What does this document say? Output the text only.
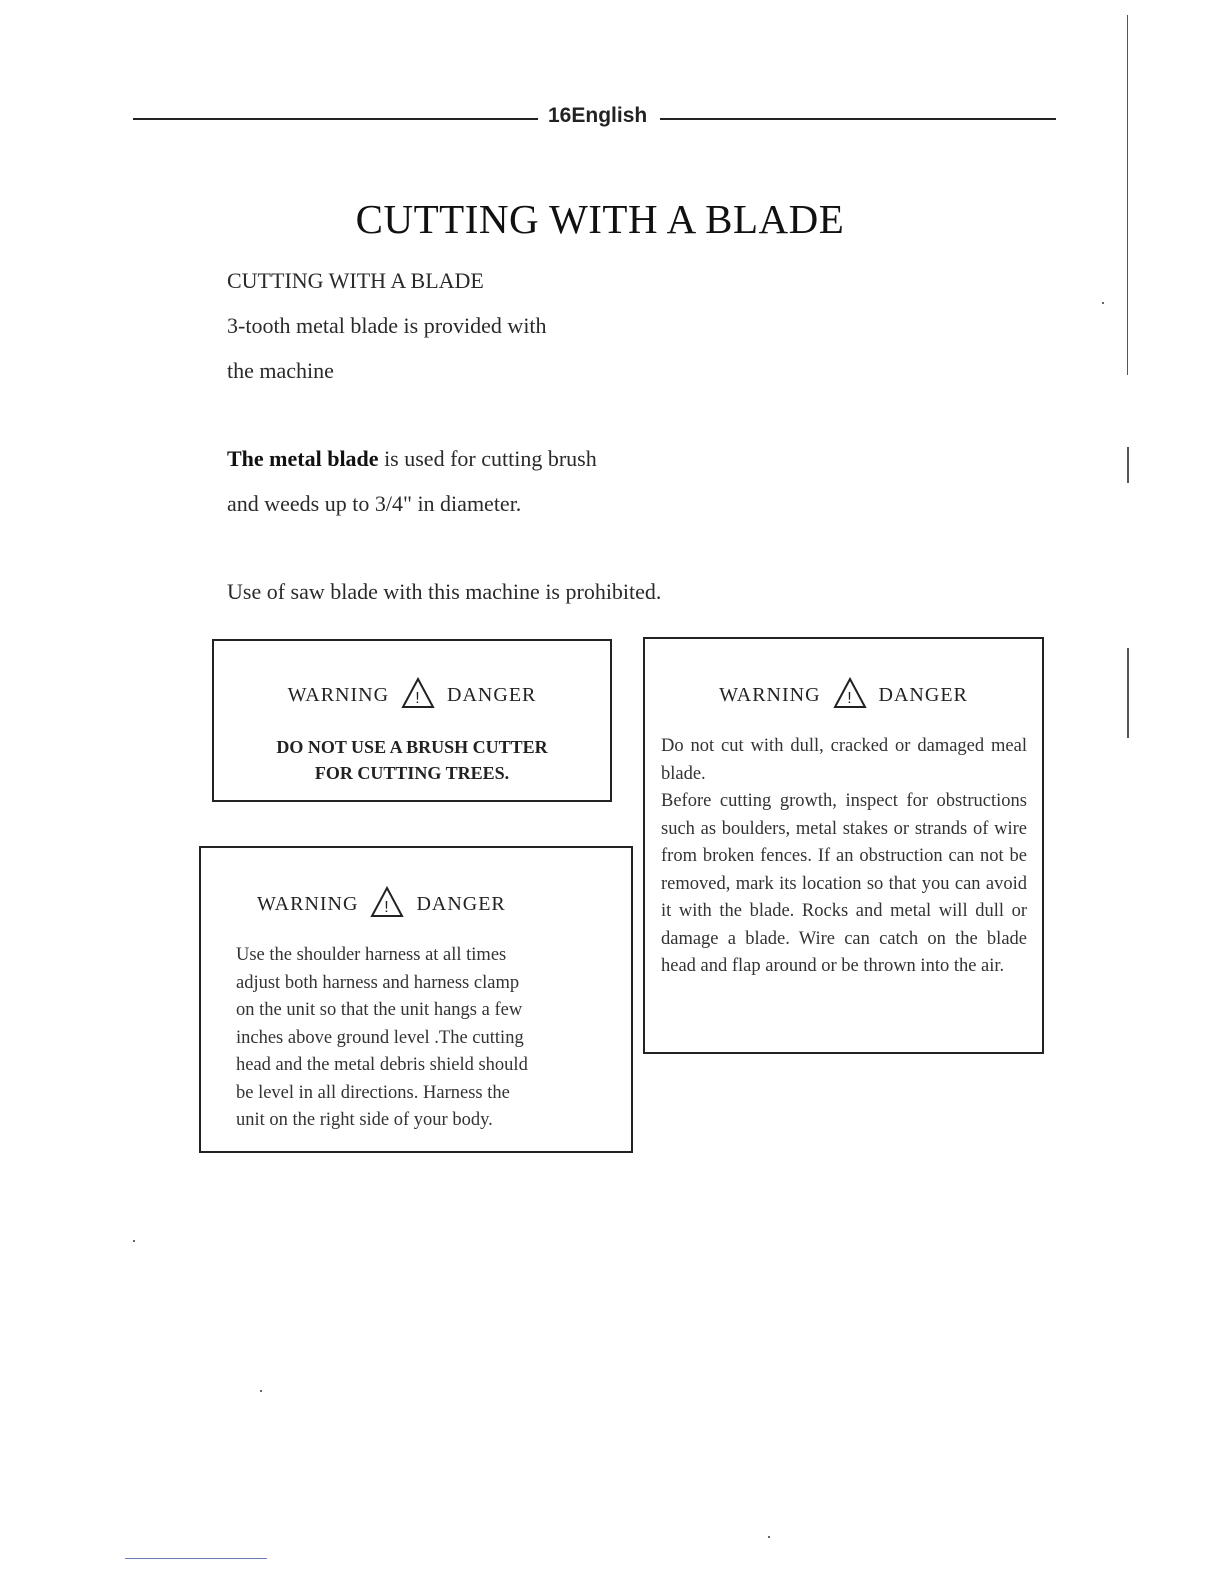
16English
CUTTING WITH A BLADE
CUTTING WITH A BLADE
3-tooth metal blade is provided with
the machine
The metal blade is used for cutting brush
and weeds up to 3/4" in diameter.
Use of saw blade with this machine is prohibited.
WARNING ! DANGER
DO NOT USE A BRUSH CUTTER
FOR CUTTING TREES.
WARNING ! DANGER
Use the shoulder harness at all times
adjust both harness and harness clamp
on the unit so that the unit hangs a few
inches above ground level .The cutting
head and the metal debris shield should
be level in all directions. Harness the
unit on the right side of your body.
WARNING ! DANGER

Do not cut with dull, cracked or damaged meal blade.

Before cutting growth, inspect for obstructions such as boulders, metal stakes or strands of wire from broken fences. If an obstruction can not be removed, mark its location so that you can avoid it with the blade. Rocks and metal will dull or damage a blade. Wire can catch on the blade head and flap around or be thrown into the air.
